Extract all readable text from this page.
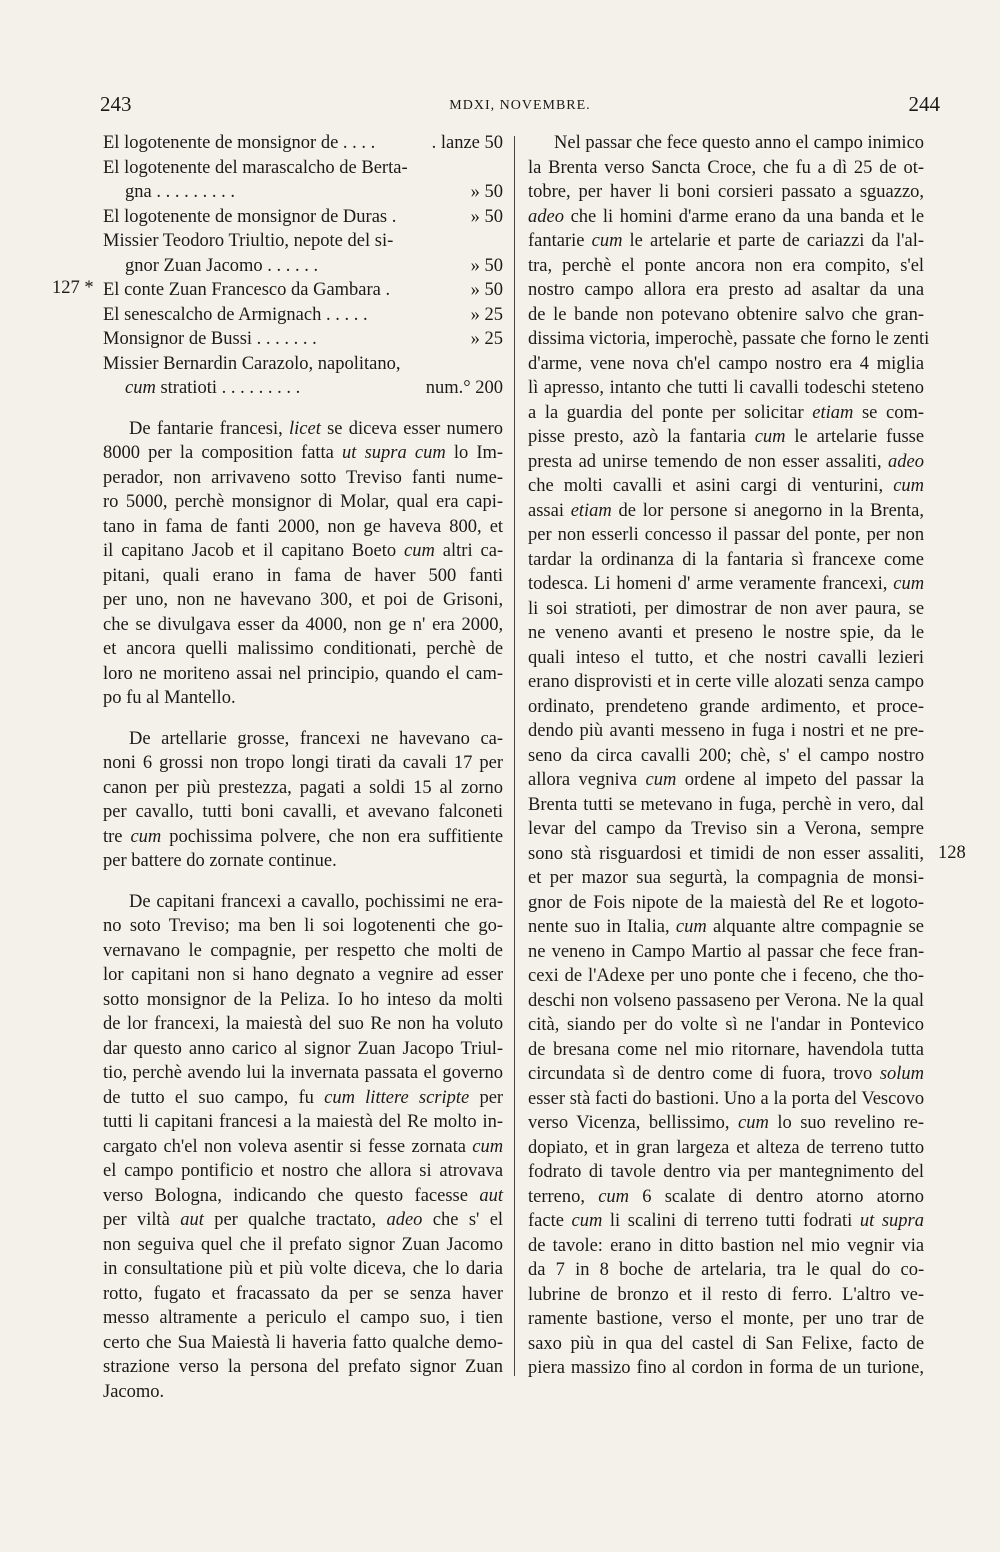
243	MDXI, NOVEMBRE.	244
127 *
128
El logotenente de monsignor de . . . .	. lanze 50
El logotenente del marascalcho de Berta-
gna . . . . . . . . .	» 50
El logotenente de monsignor de Duras .	» 50
Missier Teodoro Triultio, nepote del si-
gnor Zuan Jacomo . . . . . .	» 50
El conte Zuan Francesco da Gambara .	» 50
El senescalcho de Armignach . . . . .	» 25
Monsignor de Bussi . . . . . . .	» 25
Missier Bernardin Carazolo, napolitano,
cum stratioti . . . . . . . . .	num.° 200
De fantarie francesi, licet se diceva esser numero
8000 per la composition fatta ut supra cum lo Im-
perador, non arrivaveno sotto Treviso fanti nume-
ro 5000, perchè monsignor di Molar, qual era capi-
tano in fama de fanti 2000, non ge haveva 800, et
il capitano Jacob et il capitano Boeto cum altri ca-
pitani, quali erano in fama de haver 500 fanti
per uno, non ne havevano 300, et poi de Grisoni,
che se divulgava esser da 4000, non ge n' era 2000,
et ancora quelli malissimo conditionati, perchè de
loro ne moriteno assai nel principio, quando el cam-
po fu al Mantello.
De artellarie grosse, francexi ne havevano ca-
noni 6 grossi non tropo longi tirati da cavali 17 per
canon per più prestezza, pagati a soldi 15 al zorno
per cavallo, tutti boni cavalli, et avevano falconeti
tre cum pochissima polvere, che non era suffitiente
per battere do zornate continue.
De capitani francexi a cavallo, pochissimi ne era-
no soto Treviso; ma ben li soi logotenenti che go-
vernavano le compagnie, per respetto che molti de
lor capitani non si hano degnato a vegnire ad esser
sotto monsignor de la Peliza. Io ho inteso da molti
de lor francexi, la maiestà del suo Re non ha voluto
dar questo anno carico al signor Zuan Jacopo Triul-
tio, perchè avendo lui la invernata passata el governo
de tutto el suo campo, fu cum littere scripte per
tutti li capitani francesi a la maiestà del Re molto in-
cargato ch'el non voleva asentir si fesse zornata cum
el campo pontificio et nostro che allora si atrovava
verso Bologna, indicando che questo facesse aut
per viltà aut per qualche tractato, adeo che s' el
non seguiva quel che il prefato signor Zuan Jacomo
in consultatione più et più volte diceva, che lo daria
rotto, fugato et fracassato da per se senza haver
messo altramente a periculo el campo suo, i tien
certo che Sua Maiestà li haveria fatto qualche demo-
strazione verso la persona del prefato signor Zuan
Jacomo.
Nel passar che fece questo anno el campo inimico
la Brenta verso Sancta Croce, che fu a dì 25 de ot-
tobre, per haver li boni corsieri passato a sguazzo,
adeo che li homini d'arme erano da una banda et le
fantarie cum le artelarie et parte de cariazzi da l'al-
tra, perchè el ponte ancora non era compito, s'el
nostro campo allora era presto ad asaltar da una
de le bande non potevano obtenire salvo che gran-
dissima victoria, imperochè, passate che forno le zenti
d'arme, vene nova ch'el campo nostro era 4 miglia
lì apresso, intanto che tutti li cavalli todeschi steteno
a la guardia del ponte per solicitar etiam se com-
pisse presto, azò la fantaria cum le artelarie fusse
presta ad unirse temendo de non esser assaliti, adeo
che molti cavalli et asini cargi di venturini, cum
assai etiam de lor persone si anegorno in la Brenta,
per non esserli concesso il passar del ponte, per non
tardar la ordinanza di la fantaria sì francexe come
todesca. Li homeni d' arme veramente francexi, cum
li soi stratioti, per dimostrar de non aver paura, se
ne veneno avanti et preseno le nostre spie, da le
quali inteso el tutto, et che nostri cavalli lezieri
erano disprovisti et in certe ville alozati senza campo
ordinato, prendeteno grande ardimento, et proce-
dendo più avanti messeno in fuga i nostri et ne pre-
seno da circa cavalli 200; chè, s' el campo nostro
allora vegniva cum ordene al impeto del passar la
Brenta tutti se metevano in fuga, perchè in vero, dal
levar del campo da Treviso sin a Verona, sempre
sono stà risguardosi et timidi de non esser assaliti,
et per mazor sua segurtà, la compagnia de monsi-
gnor de Fois nipote de la maiestà del Re et logoto-
nente suo in Italia, cum alquante altre compagnie se
ne veneno in Campo Martio al passar che fece fran-
cexi de l'Adexe per uno ponte che i feceno, che tho-
deschi non volseno passaseno per Verona. Ne la qual
cità, siando per do volte sì ne l'andar in Pontevico
de bresana come nel mio ritornare, havendola tutta
circundata sì de dentro come di fuora, trovo solum
esser stà facti do bastioni. Uno a la porta del Vescovo
verso Vicenza, bellissimo, cum lo suo revelino re-
dopiato, et in gran largeza et alteza de terreno tutto
fodrato di tavole dentro via per mantegnimento del
terreno, cum 6 scalate di dentro atorno atorno
facte cum li scalini di terreno tutti fodrati ut supra
de tavole: erano in ditto bastion nel mio vegnir via
da 7 in 8 boche de artelaria, tra le qual do co-
lubrine de bronzo et il resto di ferro. L'altro ve-
ramente bastione, verso el monte, per uno trar de
saxo più in qua del castel di San Felixe, facto de
piera massizo fino al cordon in forma de un turione,
